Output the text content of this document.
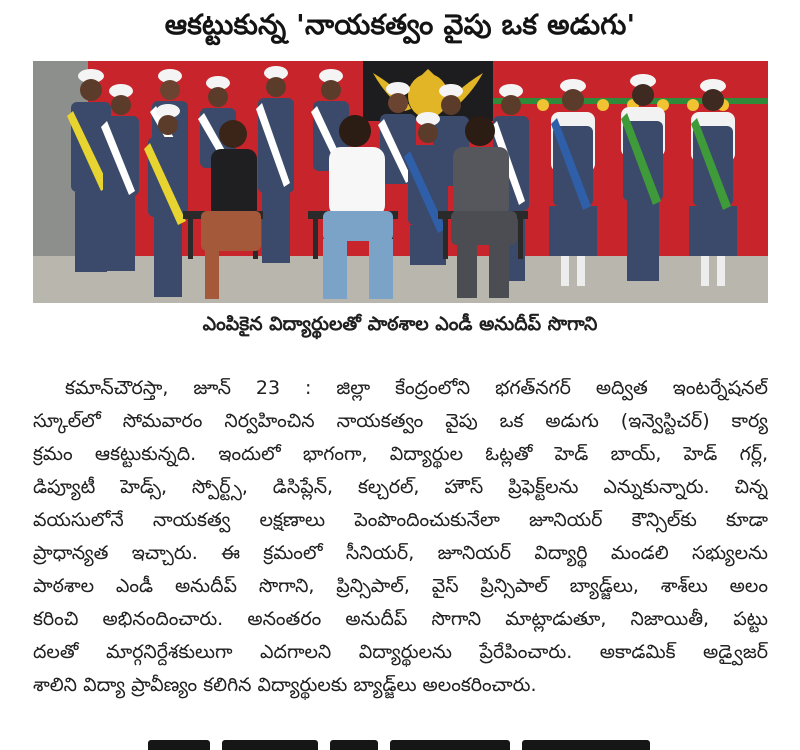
ఆకట్టుకున్న 'నాయకత్వం వైపు ఒక అడుగు'
ఎంపికైన విద్యార్థులతో పాఠశాల ఎండీ అనుదీప్ సొగాని
కమాన్‌చౌరస్తా, జూన్ 23 : జిల్లా కేంద్రంలోని భగత్‌నగర్ అద్విత ఇంటర్నేషనల్
స్కూల్‌లో సోమవారం నిర్వహించిన నాయకత్వం వైపు ఒక అడుగు (ఇన్వెస్టిచర్) కార్య
క్రమం ఆకట్టుకున్నది. ఇందులో భాగంగా, విద్యార్థుల ఓట్లతో హెడ్ బాయ్, హెడ్ గర్ల్,
డిప్యూటీ హెడ్స్, స్పోర్ట్స్, డిసిప్లేన్, కల్చరల్, హౌస్ ప్రిఫెక్ట్‌లను ఎన్నుకున్నారు. చిన్న
వయసులోనే నాయకత్వ లక్షణాలు పెంపొందించుకునేలా జూనియర్ కౌన్సిల్‌కు కూడా
ప్రాధాన్యత ఇచ్చారు. ఈ క్రమంలో సీనియర్, జూనియర్ విద్యార్థి మండలి సభ్యులను
పాఠశాల ఎండీ అనుదీప్ సొగాని, ప్రిన్సిపాల్, వైస్ ప్రిన్సిపాల్ బ్యాడ్జ్‌లు, శాశ్‌లు అలం
కరించి అభినందించారు. అనంతరం అనుదీప్ సొగాని మాట్లాడుతూ, నిజాయితీ, పట్టు
దలతో మార్గనిర్దేశకులుగా ఎదగాలని విద్యార్థులను ప్రేరేపించారు. అకాడమిక్ అడ్వైజర్
శాలిని విద్యా ప్రావీణ్యం కలిగిన విద్యార్థులకు బ్యాడ్జ్‌లు అలంకరించారు.
